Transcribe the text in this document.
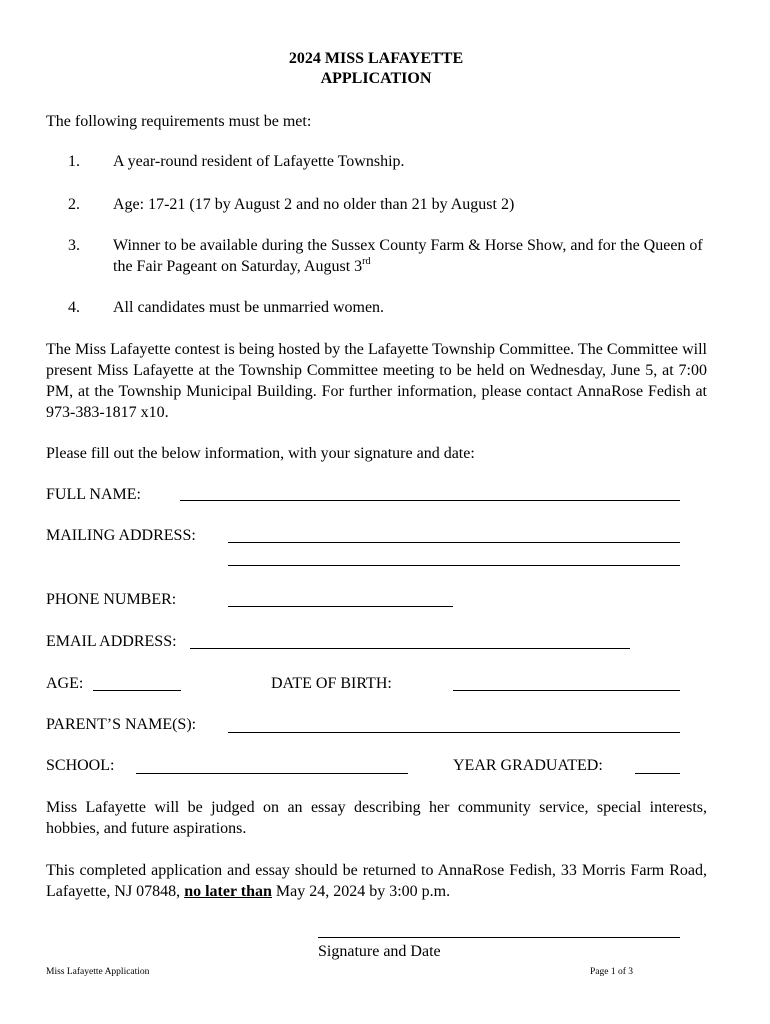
2024 MISS LAFAYETTE
APPLICATION
The following requirements must be met:
1. A year-round resident of Lafayette Township.
2. Age: 17-21 (17 by August 2 and no older than 21 by August 2)
3. Winner to be available during the Sussex County Farm & Horse Show, and for the Queen of the Fair Pageant on Saturday, August 3rd
4. All candidates must be unmarried women.
The Miss Lafayette contest is being hosted by the Lafayette Township Committee. The Committee will present Miss Lafayette at the Township Committee meeting to be held on Wednesday, June 5, at 7:00 PM, at the Township Municipal Building. For further information, please contact AnnaRose Fedish at 973-383-1817 x10.
Please fill out the below information, with your signature and date:
FULL NAME:
MAILING ADDRESS:
PHONE NUMBER:
EMAIL ADDRESS:
AGE:	DATE OF BIRTH:
PARENT’S NAME(S):
SCHOOL:	YEAR GRADUATED:
Miss Lafayette will be judged on an essay describing her community service, special interests, hobbies, and future aspirations.
This completed application and essay should be returned to AnnaRose Fedish, 33 Morris Farm Road, Lafayette, NJ 07848, no later than May 24, 2024 by 3:00 p.m.
Signature and Date
Miss Lafayette Application	Page 1 of 3
